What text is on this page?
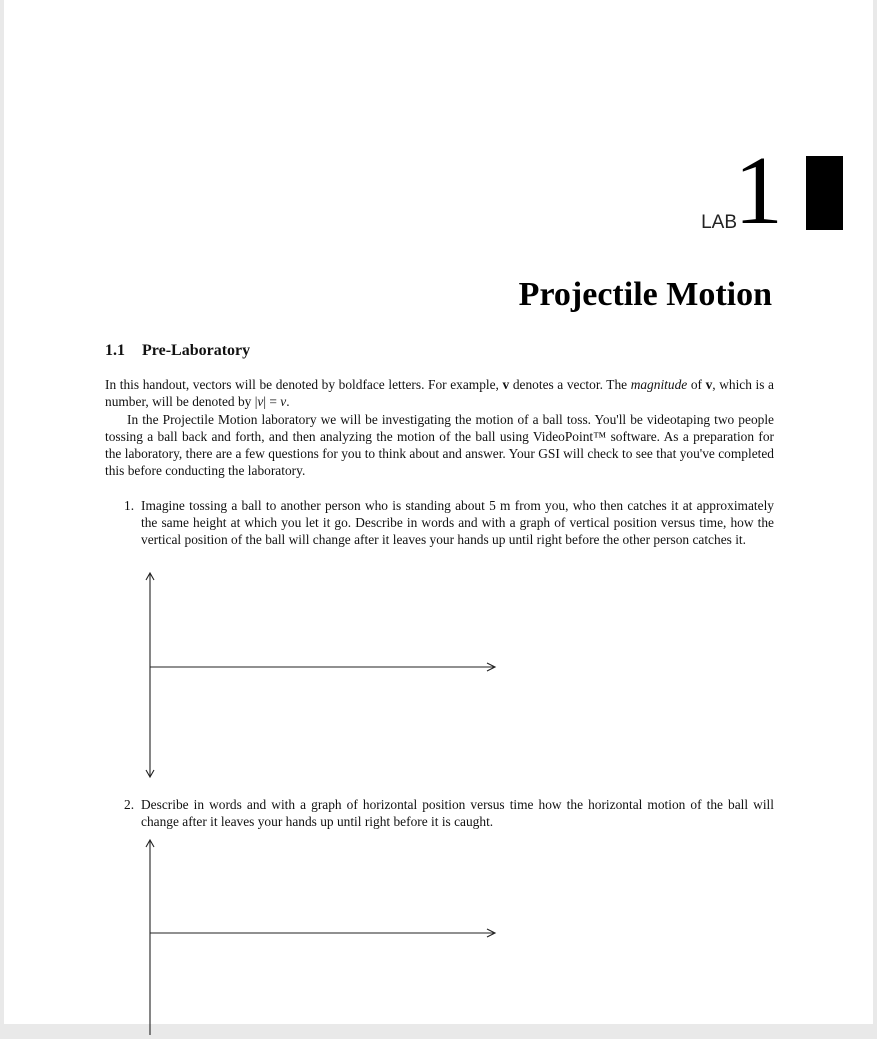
LAB
1
Projectile Motion
1.1 Pre-Laboratory

In this handout, vectors will be denoted by boldface letters. For example, v denotes a vector. The magnitude of v, which is a number, will be denoted by |v| = v.

In the Projectile Motion laboratory we will be investigating the motion of a ball toss. You'll be videotaping two people tossing a ball back and forth, and then analyzing the motion of the ball using VideoPoint™ software. As a preparation for the laboratory, there are a few questions for you to think about and answer. Your GSI will check to see that you've completed this before conducting the laboratory.

1. Imagine tossing a ball to another person who is standing about 5 m from you, who then catches it at approximately the same height at which you let it go. Describe in words and with a graph of vertical position versus time, how the vertical position of the ball will change after it leaves your hands up until right before the other person catches it.
2. Describe in words and with a graph of horizontal position versus time how the horizontal motion of the ball will change after it leaves your hands up until right before it is caught.
